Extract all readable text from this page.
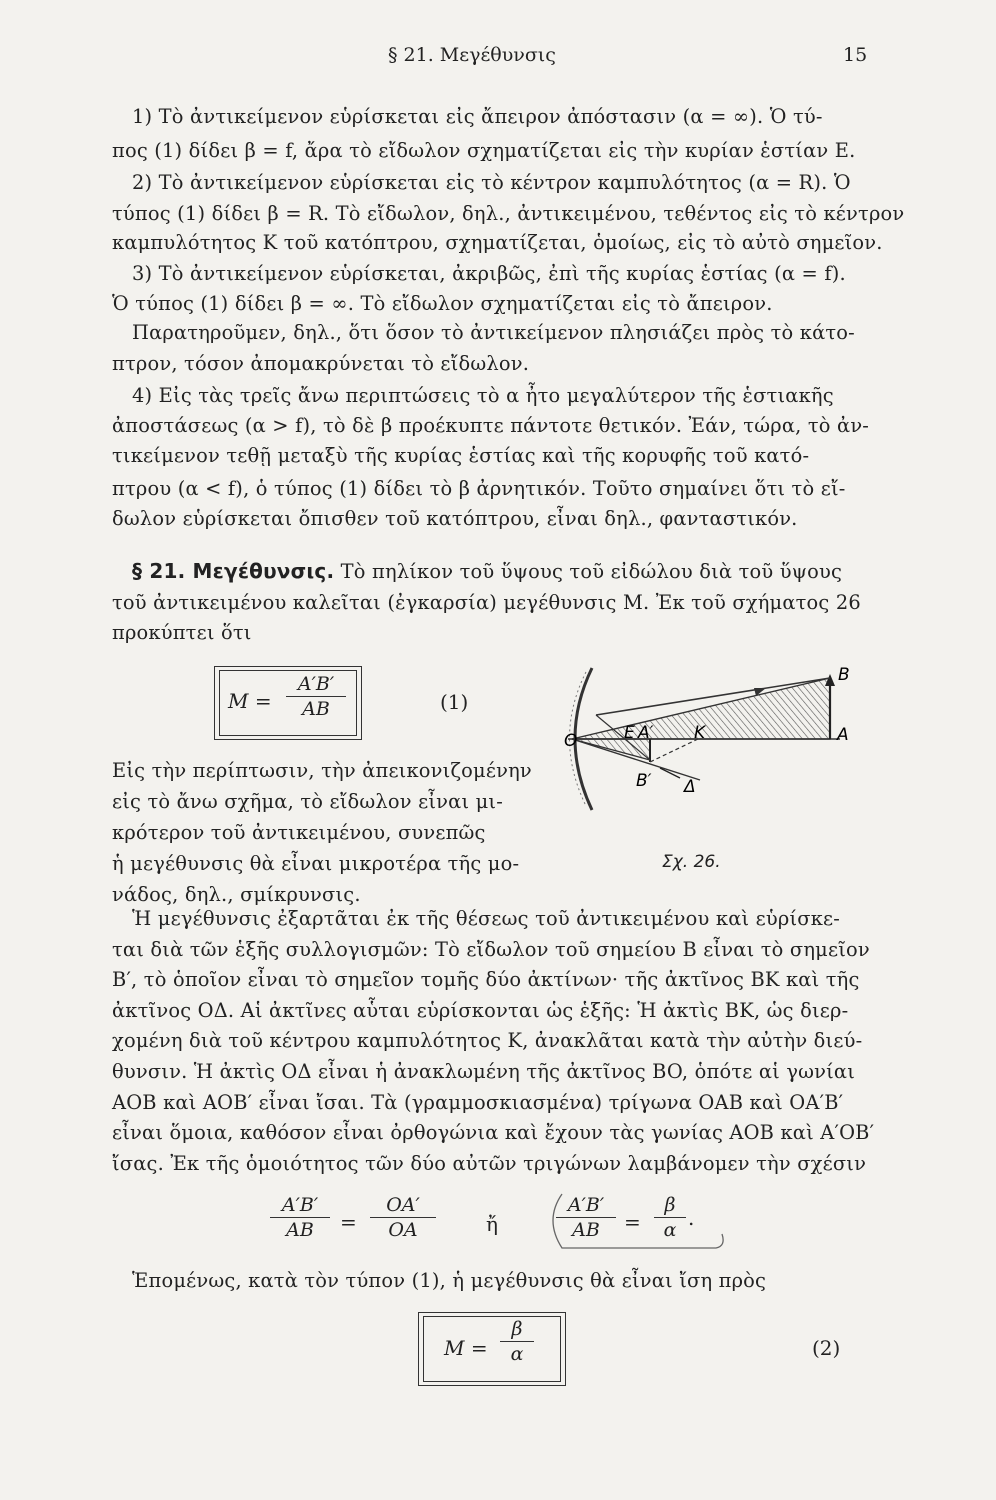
§ 21. Μεγέθυνσις	15
1) Τὸ ἀντικείμενον εὑρίσκεται εἰς ἄπειρον ἀπόστασιν (α = ∞). Ὁ τύ-
πος (1) δίδει β = f, ἄρα τὸ εἴδωλον σχηματίζεται εἰς τὴν κυρίαν ἑστίαν E.
2) Τὸ ἀντικείμενον εὑρίσκεται εἰς τὸ κέντρον καμπυλότητος (α = R). Ὁ
τύπος (1) δίδει β = R. Τὸ εἴδωλον, δηλ., ἀντικειμένου, τεθέντος εἰς τὸ κέντρον
καμπυλότητος K τοῦ κατόπτρου, σχηματίζεται, ὁμοίως, εἰς τὸ αὐτὸ σημεῖον.
3) Τὸ ἀντικείμενον εὑρίσκεται, ἀκριβῶς, ἐπὶ τῆς κυρίας ἑστίας (α = f).
Ὁ τύπος (1) δίδει β = ∞. Τὸ εἴδωλον σχηματίζεται εἰς τὸ ἄπειρον.
Παρατηροῦμεν, δηλ., ὅτι ὅσον τὸ ἀντικείμενον πλησιάζει πρὸς τὸ κάτο-
πτρον, τόσον ἀπομακρύνεται τὸ εἴδωλον.
4) Εἰς τὰς τρεῖς ἄνω περιπτώσεις τὸ α ἦτο μεγαλύτερον τῆς ἑστιακῆς
ἀποστάσεως (α > f), τὸ δὲ β προέκυπτε πάντοτε θετικόν. Ἐάν, τώρα, τὸ ἀν-
τικείμενον τεθῇ μεταξὺ τῆς κυρίας ἑστίας καὶ τῆς κορυφῆς τοῦ κατό-
πτρου (α < f), ὁ τύπος (1) δίδει τὸ β ἀρνητικόν. Τοῦτο σημαίνει ὅτι τὸ εἴ-
δωλον εὑρίσκεται ὄπισθεν τοῦ κατόπτρου, εἶναι δηλ., φανταστικόν.
§ 21. Μεγέθυνσις. Τὸ πηλίκον τοῦ ὕψους τοῦ εἰδώλου διὰ τοῦ ὕψους
τοῦ ἀντικειμένου καλεῖται (ἐγκαρσία) μεγέθυνσις M. Ἐκ τοῦ σχήματος 26
προκύπτει ὅτι
$M = \frac{A'B'}{AB}$	(1)
Εἰς τὴν περίπτωσιν, τὴν ἀπεικονιζομένην
εἰς τὸ ἄνω σχῆμα, τὸ εἴδωλον εἶναι μι-
κρότερον τοῦ ἀντικειμένου, συνεπῶς
ἡ μεγέθυνσις θὰ εἶναι μικροτέρα τῆς μο-
νάδος, δηλ., σμίκρυνσις.
B
A
O	E A′ K
B′ Δ
Σχ. 26.
Ἡ μεγέθυνσις ἐξαρτᾶται ἐκ τῆς θέσεως τοῦ ἀντικειμένου καὶ εὑρίσκε-
ται διὰ τῶν ἑξῆς συλλογισμῶν: Τὸ εἴδωλον τοῦ σημείου B εἶναι τὸ σημεῖον
B′, τὸ ὁποῖον εἶναι τὸ σημεῖον τομῆς δύο ἀκτίνων· τῆς ἀκτῖνος BK καὶ τῆς
ἀκτῖνος OΔ. Αἱ ἀκτῖνες αὗται εὑρίσκονται ὡς ἑξῆς: Ἡ ἀκτὶς BK, ὡς διερ-
χομένη διὰ τοῦ κέντρου καμπυλότητος K, ἀνακλᾶται κατὰ τὴν αὐτὴν διεύ-
θυνσιν. Ἡ ἀκτὶς OΔ εἶναι ἡ ἀνακλωμένη τῆς ἀκτῖνος BO, ὁπότε αἱ γωνίαι
AOB καὶ AOB′ εἶναι ἴσαι. Τὰ (γραμμοσκιασμένα) τρίγωνα OAB καὶ OA′B′
εἶναι ὅμοια, καθόσον εἶναι ὀρθογώνια καὶ ἔχουν τὰς γωνίας AOB καὶ A′OB′
ἴσας. Ἐκ τῆς ὁμοιότητος τῶν δύο αὐτῶν τριγώνων λαμβάνομεν τὴν σχέσιν
$\frac{A'B'}{AB} = \frac{OA'}{OA}$	ἤ	$\frac{A'B'}{AB} = \frac{\beta}{\alpha}$ .
Ἑπομένως, κατὰ τὸν τύπον (1), ἡ μεγέθυνσις θὰ εἶναι ἴση πρὸς
$M = \frac{\beta}{\alpha}$	(2)
